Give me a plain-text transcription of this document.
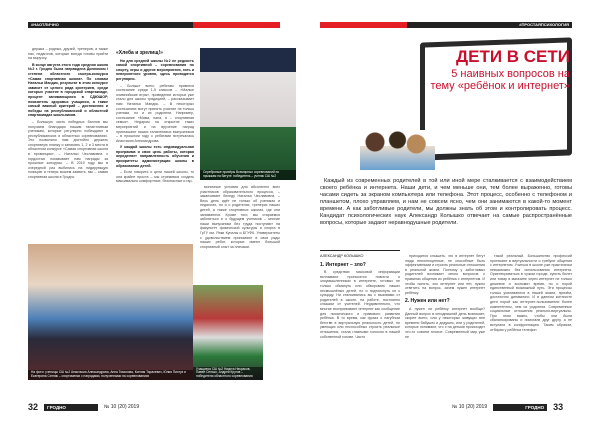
#НАОТЛИЧНО

держка – родных, друзей, тренеров, а также нас, педагогов, которые всегда готовы прийти на выручку.

В конце августа этого года средняя школа №2 г. Гродно была награждена Дипломом I степени областного смотра-конкурса «Самая спортивная школа». По словам Натальи Мандик, результат в этом конкурсе зависит от целого ряда критериев, среди которых участие в городской спартакиаде, процент занимающихся в СДЮШОР, показатель здоровья учащихся, а также самый важный критерий – достижения и победы на республиканской и областной спартакиадах школьников.

– Большую часть победных баллов мы получаем благодаря нашим талантливым ученикам, которые регулярно побеждают в республиканских и областных соревнованиях. Это позволило нам достойно держать спортивную планку и занимать 1, 2 и 3 места в областном конкурсе «Самая спортивная школа в провинции», – Натальи Чеславовна с гордостью показывает нам награды за прошлые конкурсы. – В 2019 году мы в очередной раз выбились на лидирующую позицию и теперь можем заявить, мы – самая спортивная школа в Гродно.

«Хлеба и зрелищ!»

Ни для средней школы №2 не редкость самой спортивной – соревнования по спорту, игры и другие мероприятия, хоть и невероятного уровня, здесь проводятся регулярно.

– Больше всего ребятам нравится состязание среди 1-5 классов – «Малые олимпийские игры», проведение которых уже стало для школы традицией, – рассказывает нам Наталья Мандик. – В некоторых состязаниях могут принять участие не только ученики, но и их родители. Например, состязание «Мама, папа, я – спортивная семья». Недаром на открытие таких мероприятий и на вручение наград приглашают наших талантливых выпускников – в прошлом году с ребятами встречалась Анастасия Александрова.

У каждой школы есть индивидуальная программа и своя цель работы, которая определяет направленность обучения и приоритеты администрации школы в образовании детей.

– Если говорить о цели нашей школы, то она крайне проста – мы стремимся создать максимально комфортные, безопасные и гар-

Серебряные призёры Всемирных соревнований по прыжкам на батуте: победитель – ученик СШ №2

моничные условия для абсолютно всех участников образовательного процесса, – заканчивает беседу Наталья Чеславовна. – Весь день идёт не только об учениках и педагогах, но и о родителях, тренерах наших детей, а также спортивных школах, где они занимаются. Кроме того, мы стараемся заботиться и о будущем учеников – многие наши выпускники без труда поступают на факультет физической культуры и спорта в ГрГУ им. Янки Купалы и БГУФК. Университеты с удовольствием принимают в свои ряды наших ребят, которые имеют большой спортивный опыт за плечами.

На фото: ученицы СШ №2 Анастасия Александрова, Анна Тимохова, Ксения Тарасевич, Юлия Пиотух и Екатерина Ситник – спортсменки с наградами, полученными на соревнованиях
Учащиеся СШ №2 Никита Некрасов, Павел Сенько, Андрей Кругов – победители областного соревнования
32	ГРОДНО	№ 10 (20) 2019
#ПРОСТАЯПСИХОЛОГИЯ
ДЕТИ В СЕТИ
5 наивных вопросов на тему «ребёнок и интернет»

Каждый из современных родителей в той или иной мере сталкивается с взаимодействием своего ребёнка и интернета. Наши дети, и чем меньше они, тем более выраженно, готовы часами сидеть за экраном компьютера или телефона. Этот процесс, особенно с телефоном и планшетом, плохо управляем, и нам не совсем ясно, чем они занимаются в какой-то момент времени. А как заботливые родители, мы должны знать об этом и контролировать процесс. Кандидат психологических наук Александр Колышко отвечает на самые распространённые вопросы, которые задают неравнодушные родители.

АЛЕКСАНДР КОЛЫШКО
1. Интернет – зло?

В средствах массовой информации всплывают проносятся новости о злоумышленниках в интернете, готовых не только обмануть или обворовать наших несмышлёных детей, но и подтолкнуть их к суициду. Ни сталкивались вы с вызовами от родителей в школе, на работе, постоянно слышим от учителей. Неудивительно, что многие воспринимают интернет как сообщение для психического и правового развития ребёнка. В то время, как фраза о пагубном бегстве в виртуальную реальность детей, не умеющих или неспособных строить реальные отношения, стала глазными голосом в нашей собственной голове. Часто

приходится слышать, что в интернет бегут люди неполноценные, не способные быть эффективными и строить реальные отношения в реальной жизни. Поэтому у заботливых родителей возникает много вопросов о правилах общения их ребёнка с интернетом. И чтобы понять, зло интернет или нет, нужно ответить на вопрос, зачем нужен интернет ребёнку.

2. Нужен или нет?

А нужен ли ребёнку интернет вообще? Данный вопрос в сегодняшний день возникает, скорее всего, или у некоторых живущих вне времени бабушек и дедушек, или у родителей, которые понимают, что с на детьми происходит что-то совсем плохое. Современный мир уже не

такой реальный. Большинство профессий протекают в виртуальности и требуют общения с интернетом. Учиться в школе уже практически невозможно без использования интернета. Ориентироваться в чужом городе, купить билет или товар в магазине через интернет не только дешевле и экономит время, но и порой единственный возможный путь. Эти процессы только усиливаются в нашей жизни, причём, достаточно динамично. И в данном контексте дети порой как интернет-пользователи более компетентны, чем их родители. Современные социальные отношения реально-виртуальны. При этом важно, чтобы они были сбалансированы и помогали друг другу, а не вступали в конфронтацию. Таким образом, отбирая у ребёнка телефон

№ 10 (20) 2019	ГРОДНО	33
